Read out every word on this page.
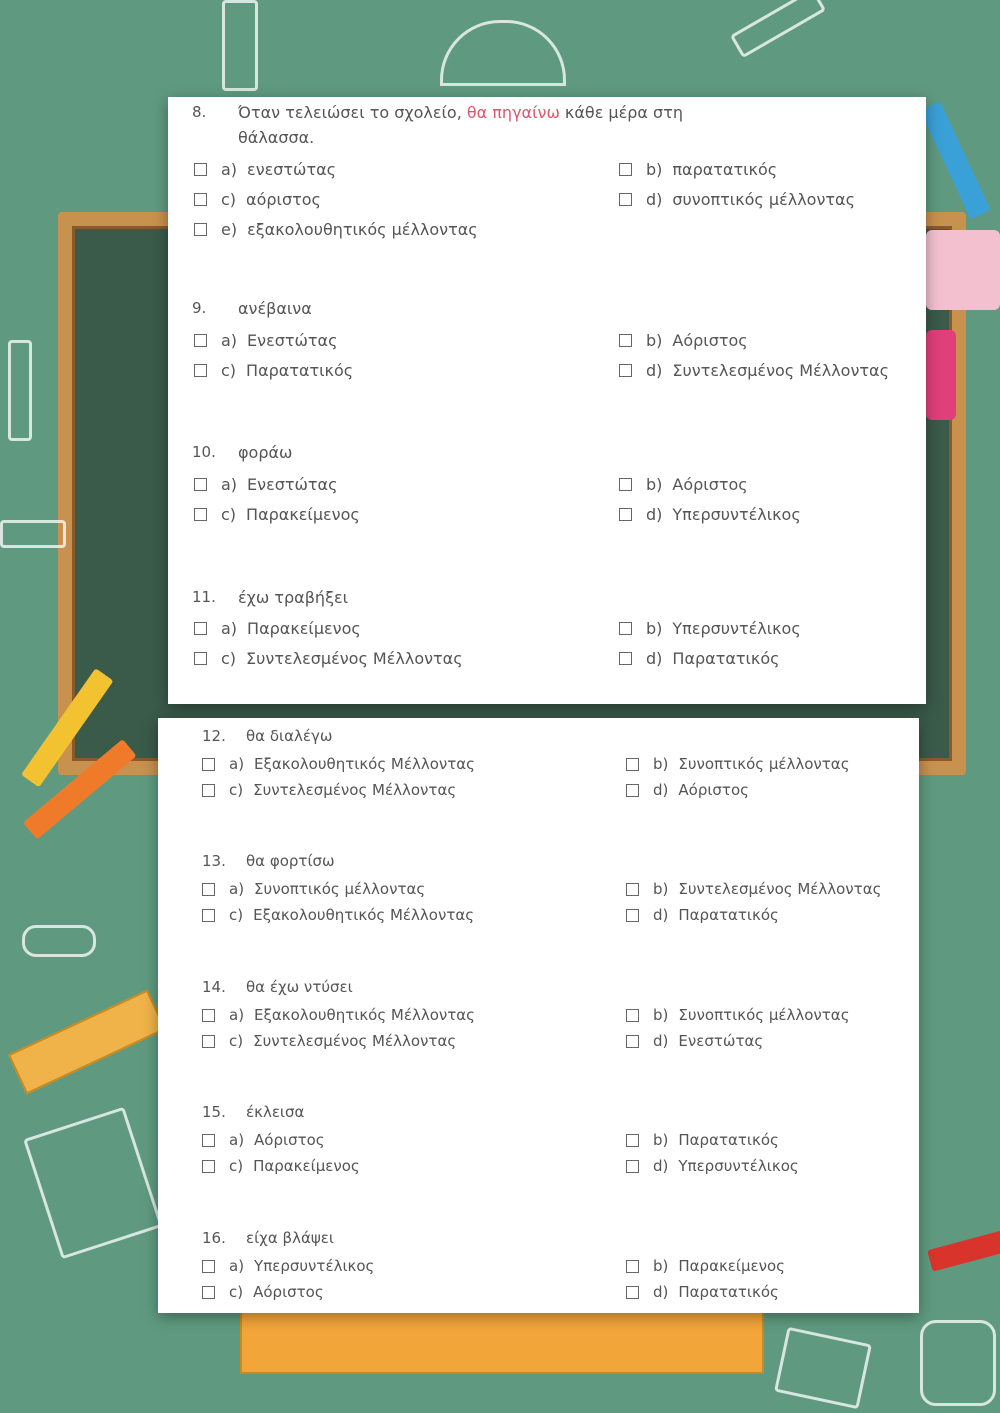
8. Όταν τελειώσει το σχολείο, θα πηγαίνω κάθε μέρα στη
θάλασσα.
a) ενεστώτας	b) παρατατικός
c) αόριστος	d) συνοπτικός μέλλοντας
e) εξακολουθητικός μέλλοντας
9. ανέβαινα
a) Ενεστώτας	b) Αόριστος
c) Παρατατικός	d) Συντελεσμένος Μέλλοντας
10. φοράω
a) Ενεστώτας	b) Αόριστος
c) Παρακείμενος	d) Υπερσυντέλικος
11. έχω τραβήξει
a) Παρακείμενος	b) Υπερσυντέλικος
c) Συντελεσμένος Μέλλοντας	d) Παρατατικός
12. θα διαλέγω
a) Εξακολουθητικός Μέλλοντας	b) Συνοπτικός μέλλοντας
c) Συντελεσμένος Μέλλοντας	d) Αόριστος
13. θα φορτίσω
a) Συνοπτικός μέλλοντας	b) Συντελεσμένος Μέλλοντας
c) Εξακολουθητικός Μέλλοντας	d) Παρατατικός
14. θα έχω ντύσει
a) Εξακολουθητικός Μέλλοντας	b) Συνοπτικός μέλλοντας
c) Συντελεσμένος Μέλλοντας	d) Ενεστώτας
15. έκλεισα
a) Αόριστος	b) Παρατατικός
c) Παρακείμενος	d) Υπερσυντέλικος
16. είχα βλάψει
a) Υπερσυντέλικος	b) Παρακείμενος
c) Αόριστος	d) Παρατατικός
